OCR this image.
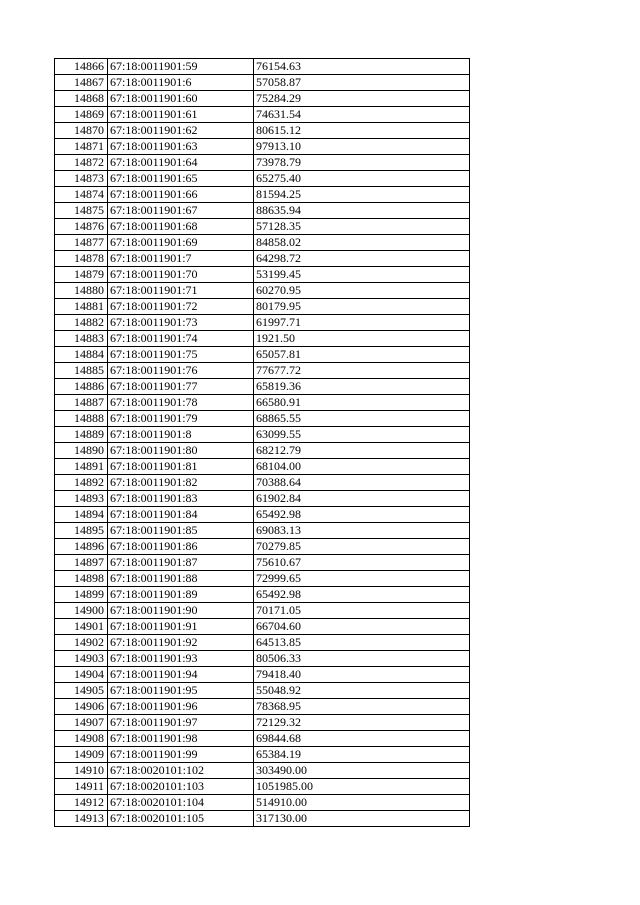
14866	67:18:0011901:59	76154.63
14867	67:18:0011901:6	57058.87
14868	67:18:0011901:60	75284.29
14869	67:18:0011901:61	74631.54
14870	67:18:0011901:62	80615.12
14871	67:18:0011901:63	97913.10
14872	67:18:0011901:64	73978.79
14873	67:18:0011901:65	65275.40
14874	67:18:0011901:66	81594.25
14875	67:18:0011901:67	88635.94
14876	67:18:0011901:68	57128.35
14877	67:18:0011901:69	84858.02
14878	67:18:0011901:7	64298.72
14879	67:18:0011901:70	53199.45
14880	67:18:0011901:71	60270.95
14881	67:18:0011901:72	80179.95
14882	67:18:0011901:73	61997.71
14883	67:18:0011901:74	1921.50
14884	67:18:0011901:75	65057.81
14885	67:18:0011901:76	77677.72
14886	67:18:0011901:77	65819.36
14887	67:18:0011901:78	66580.91
14888	67:18:0011901:79	68865.55
14889	67:18:0011901:8	63099.55
14890	67:18:0011901:80	68212.79
14891	67:18:0011901:81	68104.00
14892	67:18:0011901:82	70388.64
14893	67:18:0011901:83	61902.84
14894	67:18:0011901:84	65492.98
14895	67:18:0011901:85	69083.13
14896	67:18:0011901:86	70279.85
14897	67:18:0011901:87	75610.67
14898	67:18:0011901:88	72999.65
14899	67:18:0011901:89	65492.98
14900	67:18:0011901:90	70171.05
14901	67:18:0011901:91	66704.60
14902	67:18:0011901:92	64513.85
14903	67:18:0011901:93	80506.33
14904	67:18:0011901:94	79418.40
14905	67:18:0011901:95	55048.92
14906	67:18:0011901:96	78368.95
14907	67:18:0011901:97	72129.32
14908	67:18:0011901:98	69844.68
14909	67:18:0011901:99	65384.19
14910	67:18:0020101:102	303490.00
14911	67:18:0020101:103	1051985.00
14912	67:18:0020101:104	514910.00
14913	67:18:0020101:105	317130.00
